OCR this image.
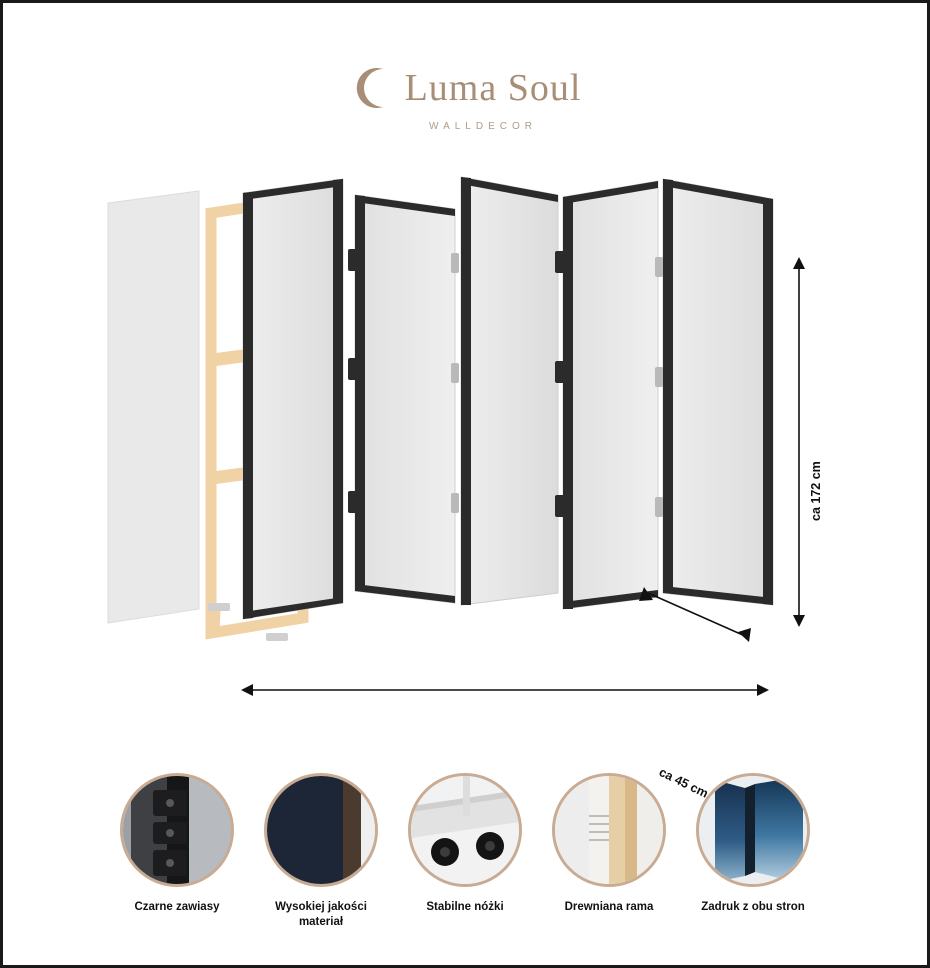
Luma Soul
WALLDECOR
ca 172 cm
ca 45 cm
Czarne zawiasy	Wysokiej jakości materiał
Stabilne nóżki	Drewniana rama	Zadruk z obu stron
